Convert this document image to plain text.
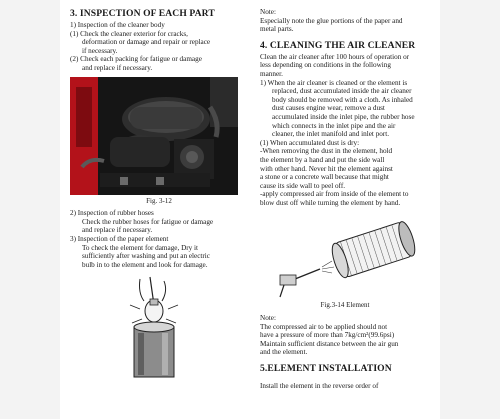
3. INSPECTION OF EACH PART

1) Inspection of the cleaner body

(1) Check the cleaner exterior for cracks,

deformation or damage and repair or replace

if necessary.

(2) Check each packing for fatigue or damage

and replace if necessary.

Fig. 3-12

2) Inspection of rubber hoses

Check the rubber hoses for fatigue or damage

and replace if necessary.

3) Inspection of the paper element

To check the element for damage, Dry it

sufficiently after washing and put an electric

bulb in to the element and look for damage.

Note:

Especially note the glue portions of the paper and

metal parts.

4. CLEANING THE AIR CLEANER

Clean the air cleaner after 100 hours of operation or

less depending on conditions in the following

manner.

1) When the air cleaner is cleaned or the element is

replaced, dust accumulated inside the air cleaner

body should be removed with a cloth. As inhaled

dust causes engine wear, remove a dust

accumulated inside the inlet pipe, the rubber hose

which connects in the inlet pipe and the air

cleaner, the inlet manifold and inlet port.

(1) When accumulated dust is dry:

-When removing the dust in the element, hold

the element by a hand and put the side wall

with other hand. Never hit the element against

a stone or a concrete wall because that might

cause its side wall to peel off.

-apply compressed air from inside of the element to

blow dust off while turning the element by hand.

Fig.3-14 Element

Note:

The compressed air to be applied should not

have a pressure of more than 7kg/cm²(99.6psi)

Maintain sufficient distance between the air gun

and the element.

5.ELEMENT INSTALLATION

Install the element in the reverse order of
